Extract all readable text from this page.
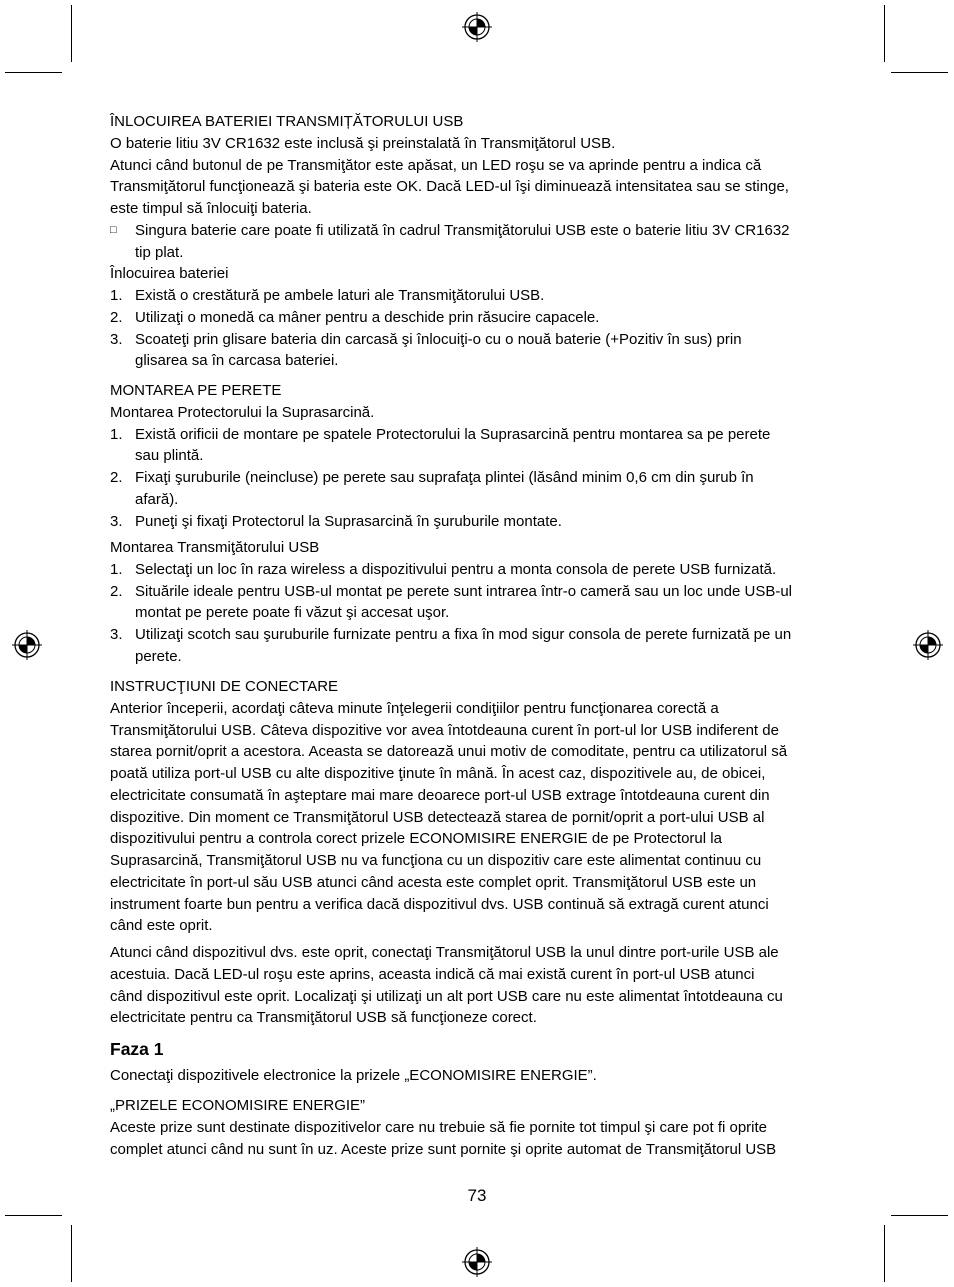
ÎNLOCUIREA BATERIEI TRANSMIȚĂTORULUI USB
O baterie litiu 3V CR1632 este inclusă şi preinstalată în Transmiţătorul USB.
Atunci când butonul de pe Transmiţător este apăsat, un LED roşu se va aprinde pentru a indica că
Transmiţătorul funcţionează şi bateria este OK. Dacă LED-ul îşi diminuează intensitatea sau se stinge,
este timpul să înlocuiţi bateria.
□ Singura baterie care poate fi utilizată în cadrul Transmiţătorului USB este o baterie litiu 3V CR1632
tip plat.
Înlocuirea bateriei
1. Există o crestătură pe ambele laturi ale Transmiţătorului USB.
2. Utilizaţi o monedă ca mâner pentru a deschide prin răsucire capacele.
3. Scoateţi prin glisare bateria din carcasă şi înlocuiţi-o cu o nouă baterie (+Pozitiv în sus) prin
glisarea sa în carcasa bateriei.
MONTAREA PE PERETE
Montarea Protectorului la Suprasarcină.
1. Există orificii de montare pe spatele Protectorului la Suprasarcină pentru montarea sa pe perete
sau plintă.
2. Fixaţi şuruburile (neincluse) pe perete sau suprafaţa plintei (lăsând minim 0,6 cm din şurub în
afară).
3. Puneţi şi fixaţi Protectorul la Suprasarcină în şuruburile montate.
Montarea Transmiţătorului USB
1. Selectaţi un loc în raza wireless a dispozitivului pentru a monta consola de perete USB furnizată.
2. Situările ideale pentru USB-ul montat pe perete sunt intrarea într-o cameră sau un loc unde USB-ul
montat pe perete poate fi văzut şi accesat uşor.
3. Utilizaţi scotch sau şuruburile furnizate pentru a fixa în mod sigur consola de perete furnizată pe un
perete.
INSTRUCŢIUNI DE CONECTARE
Anterior începerii, acordaţi câteva minute înţelegerii condiţiilor pentru funcţionarea corectă a
Transmiţătorului USB. Câteva dispozitive vor avea întotdeauna curent în port-ul lor USB indiferent de
starea pornit/oprit a acestora. Aceasta se datorează unui motiv de comoditate, pentru ca utilizatorul să
poată utiliza port-ul USB cu alte dispozitive ţinute în mână. În acest caz, dispozitivele au, de obicei,
electricitate consumată în aşteptare mai mare deoarece port-ul USB extrage întotdeauna curent din
dispozitive. Din moment ce Transmiţătorul USB detectează starea de pornit/oprit a port-ului USB al
dispozitivului pentru a controla corect prizele ECONOMISIRE ENERGIE de pe Protectorul la
Suprasarcină, Transmiţătorul USB nu va funcţiona cu un dispozitiv care este alimentat continuu cu
electricitate în port-ul său USB atunci când acesta este complet oprit. Transmiţătorul USB este un
instrument foarte bun pentru a verifica dacă dispozitivul dvs. USB continuă să extragă curent atunci
când este oprit.
Atunci când dispozitivul dvs. este oprit, conectaţi Transmiţătorul USB la unul dintre port-urile USB ale
acestuia. Dacă LED-ul roşu este aprins, aceasta indică că mai există curent în port-ul USB atunci
când dispozitivul este oprit. Localizaţi şi utilizaţi un alt port USB care nu este alimentat întotdeauna cu
electricitate pentru ca Transmiţătorul USB să funcţioneze corect.
Faza 1
Conectaţi dispozitivele electronice la prizele „ECONOMISIRE ENERGIE”.
„PRIZELE ECONOMISIRE ENERGIE”
Aceste prize sunt destinate dispozitivelor care nu trebuie să fie pornite tot timpul şi care pot fi oprite
complet atunci când nu sunt în uz. Aceste prize sunt pornite şi oprite automat de Transmiţătorul USB
73
